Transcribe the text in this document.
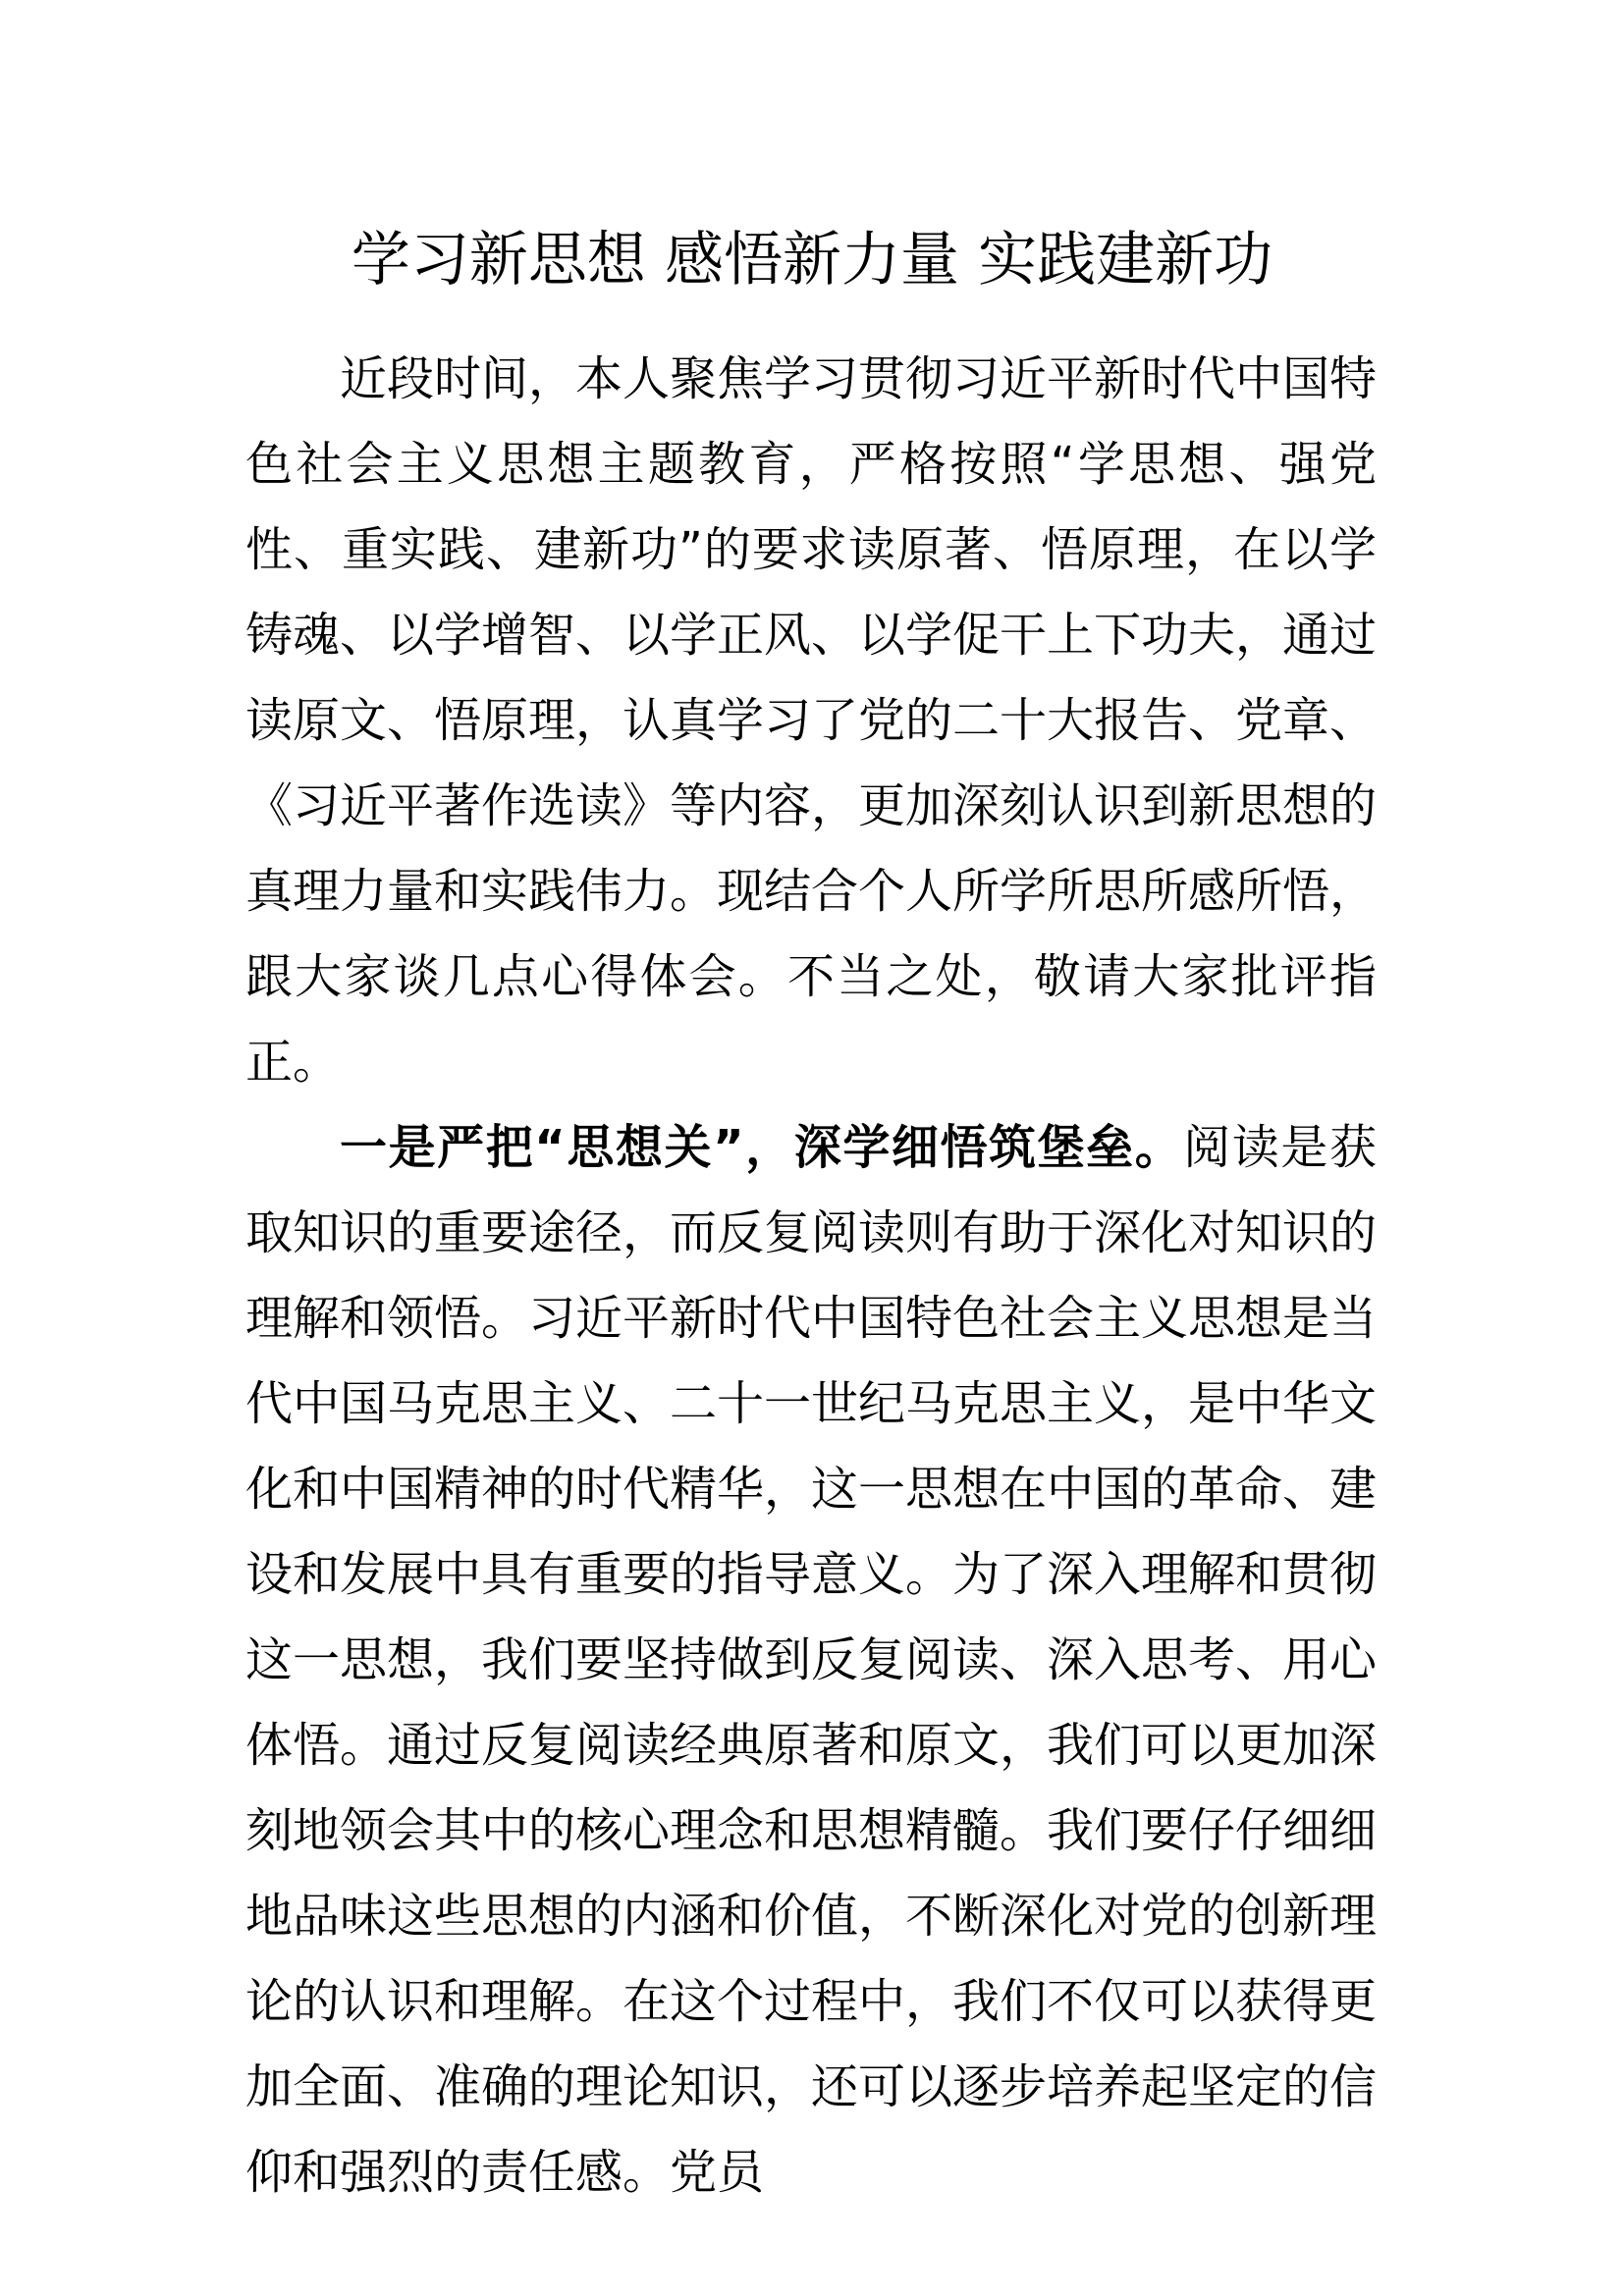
学习新思想 感悟新力量 实践建新功

近段时间，本人聚焦学习贯彻习近平新时代中国特色社会主义思想主题教育，严格按照“学思想、强党性、重实践、建新功”的要求读原著、悟原理，在以学铸魂、以学增智、以学正风、以学促干上下功夫，通过读原文、悟原理，认真学习了党的二十大报告、党章、《习近平著作选读》等内容，更加深刻认识到新思想的真理力量和实践伟力。现结合个人所学所思所感所悟，跟大家谈几点心得体会。不当之处，敬请大家批评指正。

一是严把“思想关”，深学细悟筑堡垒。阅读是获取知识的重要途径，而反复阅读则有助于深化对知识的理解和领悟。习近平新时代中国特色社会主义思想是当代中国马克思主义、二十一世纪马克思主义，是中华文化和中国精神的时代精华，这一思想在中国的革命、建设和发展中具有重要的指导意义。为了深入理解和贯彻这一思想，我们要坚持做到反复阅读、深入思考、用心体悟。通过反复阅读经典原著和原文，我们可以更加深刻地领会其中的核心理念和思想精髓。我们要仔仔细细地品味这些思想的内涵和价值，不断深化对党的创新理论的认识和理解。在这个过程中，我们不仅可以获得更加全面、准确的理论知识，还可以逐步培养起坚定的信仰和强烈的责任感。党员
